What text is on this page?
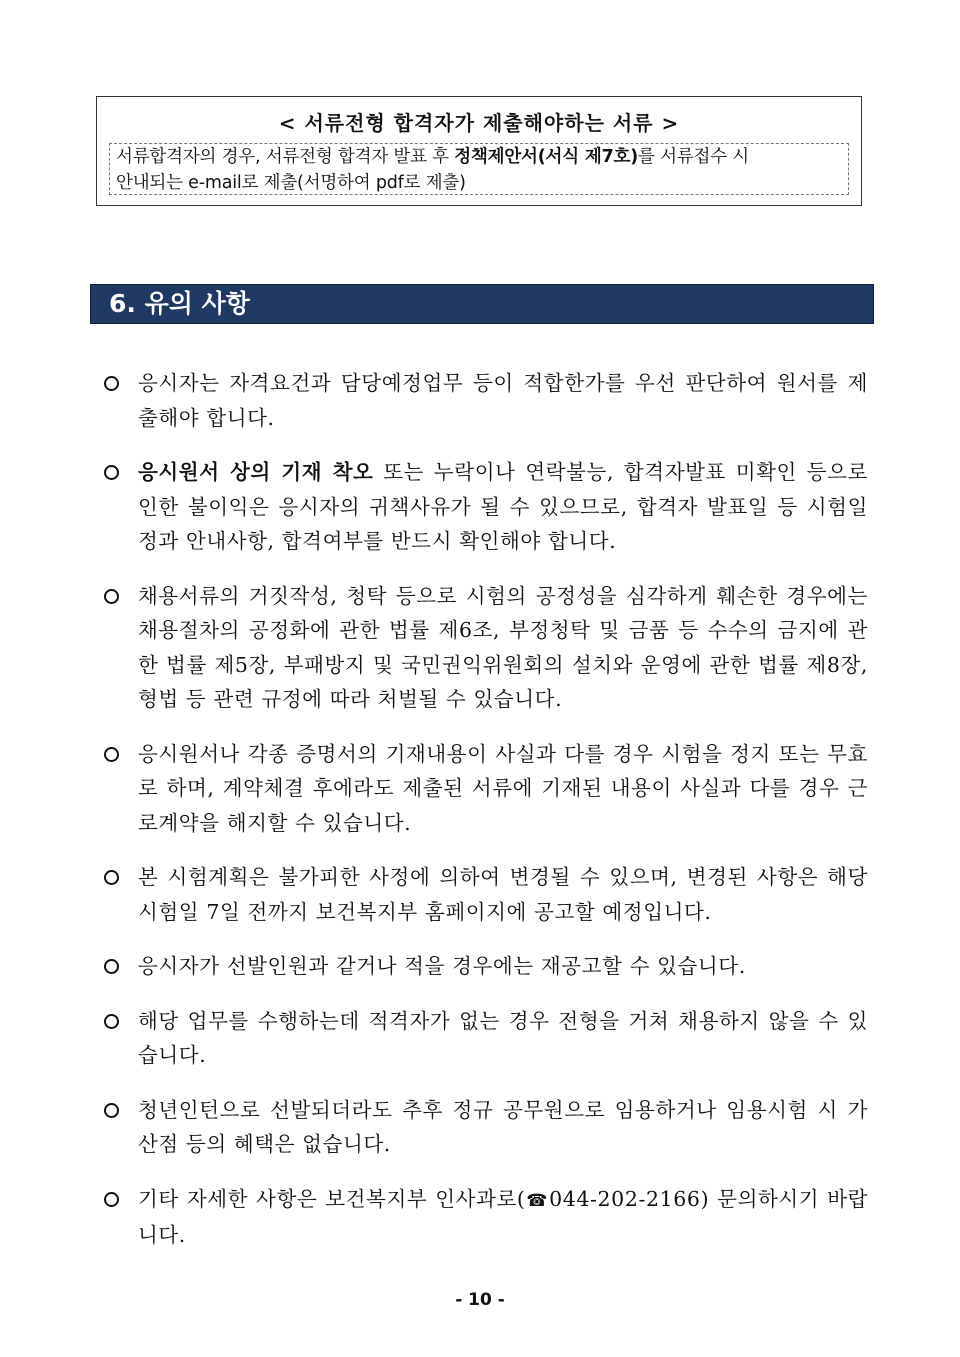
< 서류전형 합격자가 제출해야하는 서류 >
서류합격자의 경우, 서류전형 합격자 발표 후 정책제안서(서식 제7호)를 서류접수 시
안내되는 e-mail로 제출(서명하여 pdf로 제출)
6. 유의 사항
응시자는 자격요건과 담당예정업무 등이 적합한가를 우선 판단하여 원서를 제출해야 합니다.
응시원서 상의 기재 착오 또는 누락이나 연락불능, 합격자발표 미확인 등으로 인한 불이익은 응시자의 귀책사유가 될 수 있으므로, 합격자 발표일 등 시험일정과 안내사항, 합격여부를 반드시 확인해야 합니다.
채용서류의 거짓작성, 청탁 등으로 시험의 공정성을 심각하게 훼손한 경우에는 채용절차의 공정화에 관한 법률 제6조, 부정청탁 및 금품 등 수수의 금지에 관한 법률 제5장, 부패방지 및 국민권익위원회의 설치와 운영에 관한 법률 제8장, 형법 등 관련 규정에 따라 처벌될 수 있습니다.
응시원서나 각종 증명서의 기재내용이 사실과 다를 경우 시험을 정지 또는 무효로 하며, 계약체결 후에라도 제출된 서류에 기재된 내용이 사실과 다를 경우 근로계약을 해지할 수 있습니다.
본 시험계획은 불가피한 사정에 의하여 변경될 수 있으며, 변경된 사항은 해당 시험일 7일 전까지 보건복지부 홈페이지에 공고할 예정입니다.
응시자가 선발인원과 같거나 적을 경우에는 재공고할 수 있습니다.
해당 업무를 수행하는데 적격자가 없는 경우 전형을 거쳐 채용하지 않을 수 있습니다.
청년인턴으로 선발되더라도 추후 정규 공무원으로 임용하거나 임용시험 시 가산점 등의 혜택은 없습니다.
기타 자세한 사항은 보건복지부 인사과로(☎044-202-2166) 문의하시기 바랍니다.
- 10 -
